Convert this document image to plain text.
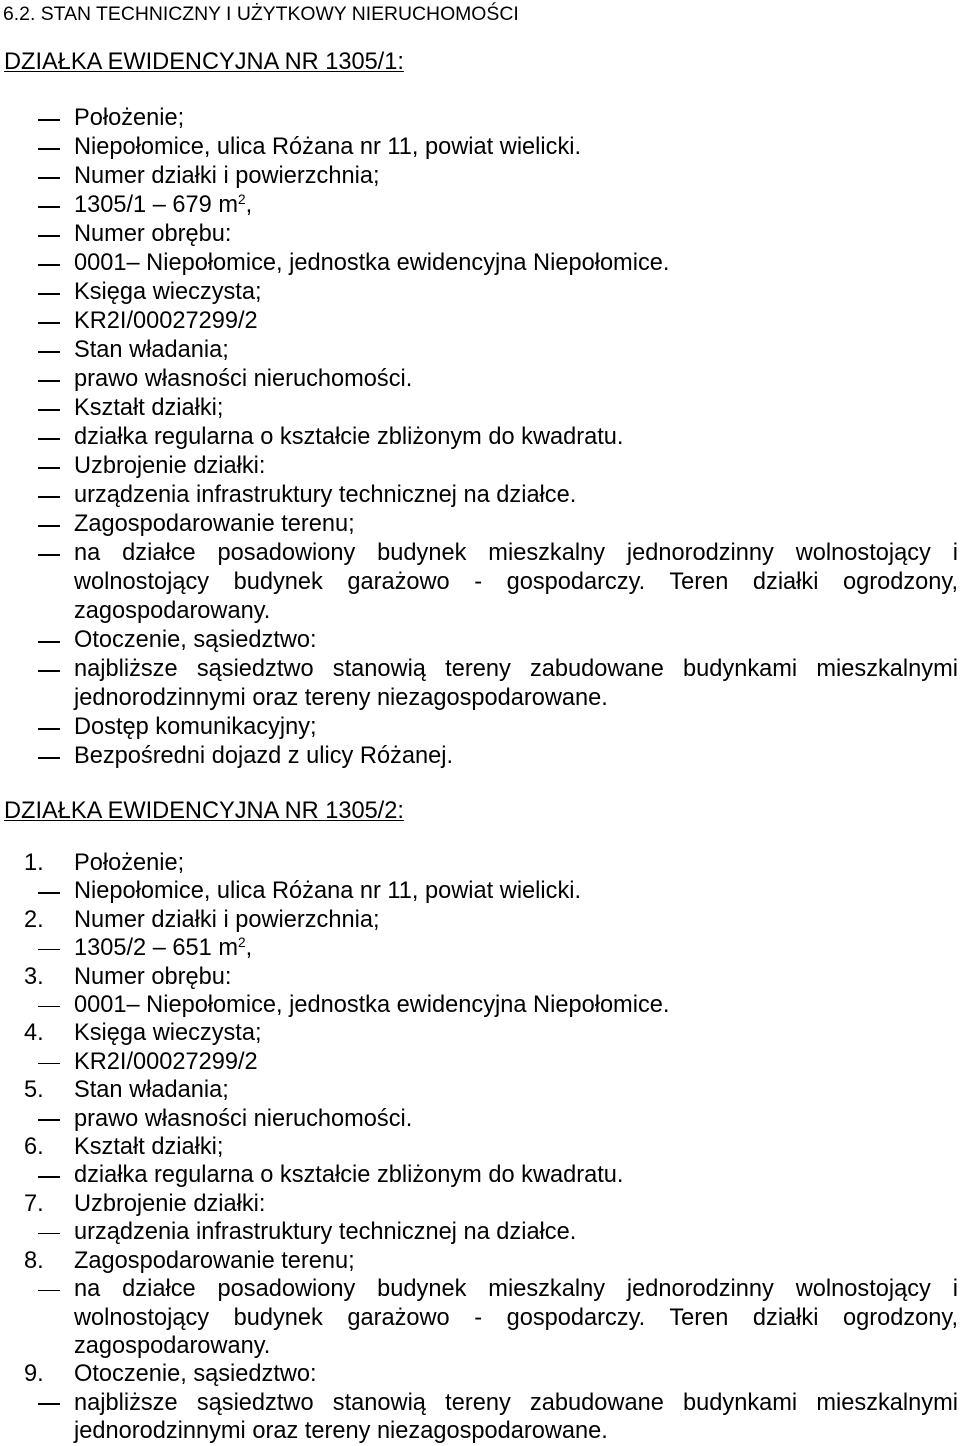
6.2. STAN TECHNICZNY I UŻYTKOWY NIERUCHOMOŚCI
DZIAŁKA EWIDENCYJNA NR 1305/1:
Położenie;
Niepołomice, ulica Różana nr 11, powiat wielicki.
Numer działki i powierzchnia;
1305/1 – 679 $m^2$,
Numer obrębu:
0001– Niepołomice, jednostka ewidencyjna Niepołomice.
Księga wieczysta;
KR2I/00027299/2
Stan władania;
prawo własności nieruchomości.
Kształt działki;
działka regularna o kształcie zbliżonym do kwadratu.
Uzbrojenie działki:
urządzenia infrastruktury technicznej na działce.
Zagospodarowanie terenu;
na działce posadowiony budynek mieszkalny jednorodzinny wolnostojący i wolnostojący budynek garażowo - gospodarczy. Teren działki ogrodzony, zagospodarowany.
Otoczenie, sąsiedztwo:
najbliższe sąsiedztwo stanowią tereny zabudowane budynkami mieszkalnymi jednorodzinnymi oraz tereny niezagospodarowane.
Dostęp komunikacyjny;
Bezpośredni dojazd z ulicy Różanej.
DZIAŁKA EWIDENCYJNA NR 1305/2:
1. Położenie;
Niepołomice, ulica Różana nr 11, powiat wielicki.
2. Numer działki i powierzchnia;
1305/2 – 651 $m^2$,
3. Numer obrębu:
0001– Niepołomice, jednostka ewidencyjna Niepołomice.
4. Księga wieczysta;
KR2I/00027299/2
5. Stan władania;
prawo własności nieruchomości.
6. Kształt działki;
działka regularna o kształcie zbliżonym do kwadratu.
7. Uzbrojenie działki:
urządzenia infrastruktury technicznej na działce.
8. Zagospodarowanie terenu;
na działce posadowiony budynek mieszkalny jednorodzinny wolnostojący i wolnostojący budynek garażowo - gospodarczy. Teren działki ogrodzony, zagospodarowany.
9. Otoczenie, sąsiedztwo:
najbliższe sąsiedztwo stanowią tereny zabudowane budynkami mieszkalnymi jednorodzinnymi oraz tereny niezagospodarowane.
